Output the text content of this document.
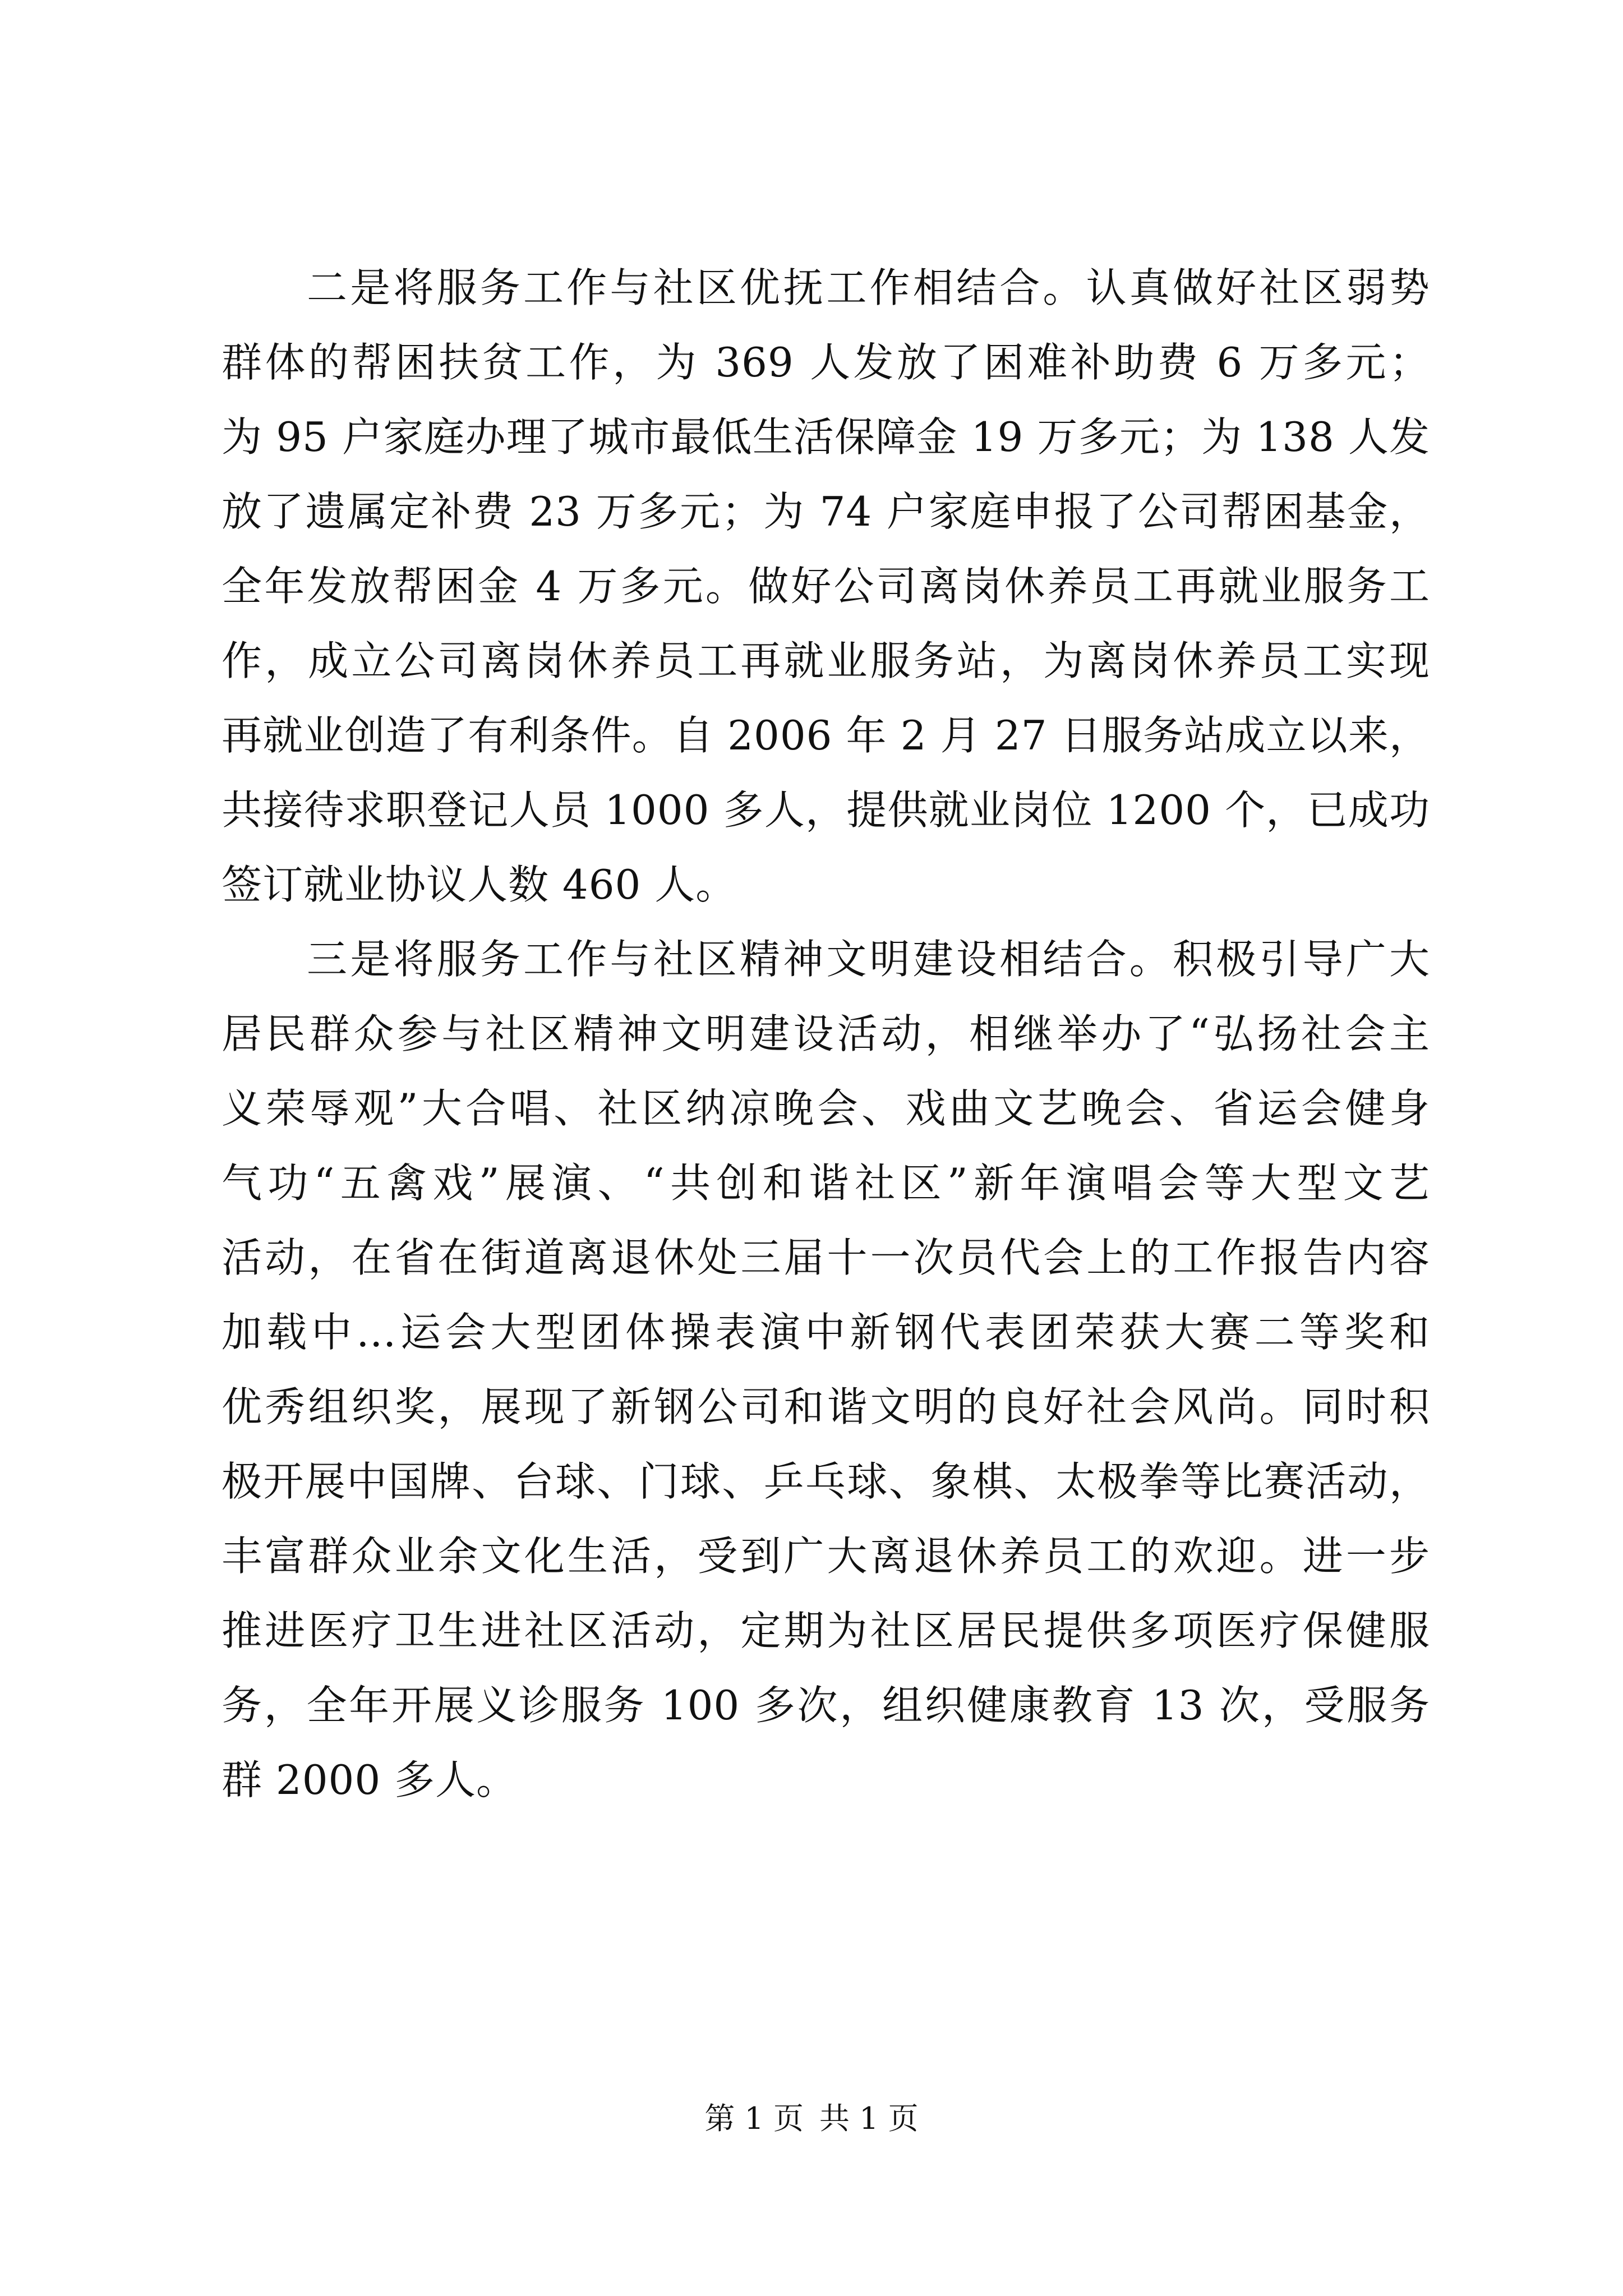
二是将服务工作与社区优抚工作相结合。认真做好社区弱势
群体的帮困扶贫工作，为 369 人发放了困难补助费 6 万多元；
为 95 户家庭办理了城市最低生活保障金 19 万多元；为 138 人发
放了遗属定补费 23 万多元；为 74 户家庭申报了公司帮困基金，
全年发放帮困金 4 万多元。做好公司离岗休养员工再就业服务工
作，成立公司离岗休养员工再就业服务站，为离岗休养员工实现
再就业创造了有利条件。自 2006 年 2 月 27 日服务站成立以来，
共接待求职登记人员 1000 多人，提供就业岗位 1200 个，已成功
签订就业协议人数 460 人。
三是将服务工作与社区精神文明建设相结合。积极引导广大
居民群众参与社区精神文明建设活动，相继举办了“弘扬社会主
义荣辱观”大合唱、社区纳凉晚会、戏曲文艺晚会、省运会健身
气功“五禽戏”展演、“共创和谐社区”新年演唱会等大型文艺
活动，在省在街道离退休处三届十一次员代会上的工作报告内容
加载中...运会大型团体操表演中新钢代表团荣获大赛二等奖和
优秀组织奖，展现了新钢公司和谐文明的良好社会风尚。同时积
极开展中国牌、台球、门球、乒乓球、象棋、太极拳等比赛活动，
丰富群众业余文化生活，受到广大离退休养员工的欢迎。进一步
推进医疗卫生进社区活动，定期为社区居民提供多项医疗保健服
务，全年开展义诊服务 100 多次，组织健康教育 13 次，受服务
群 2000 多人。
第 1 页 共 1 页
